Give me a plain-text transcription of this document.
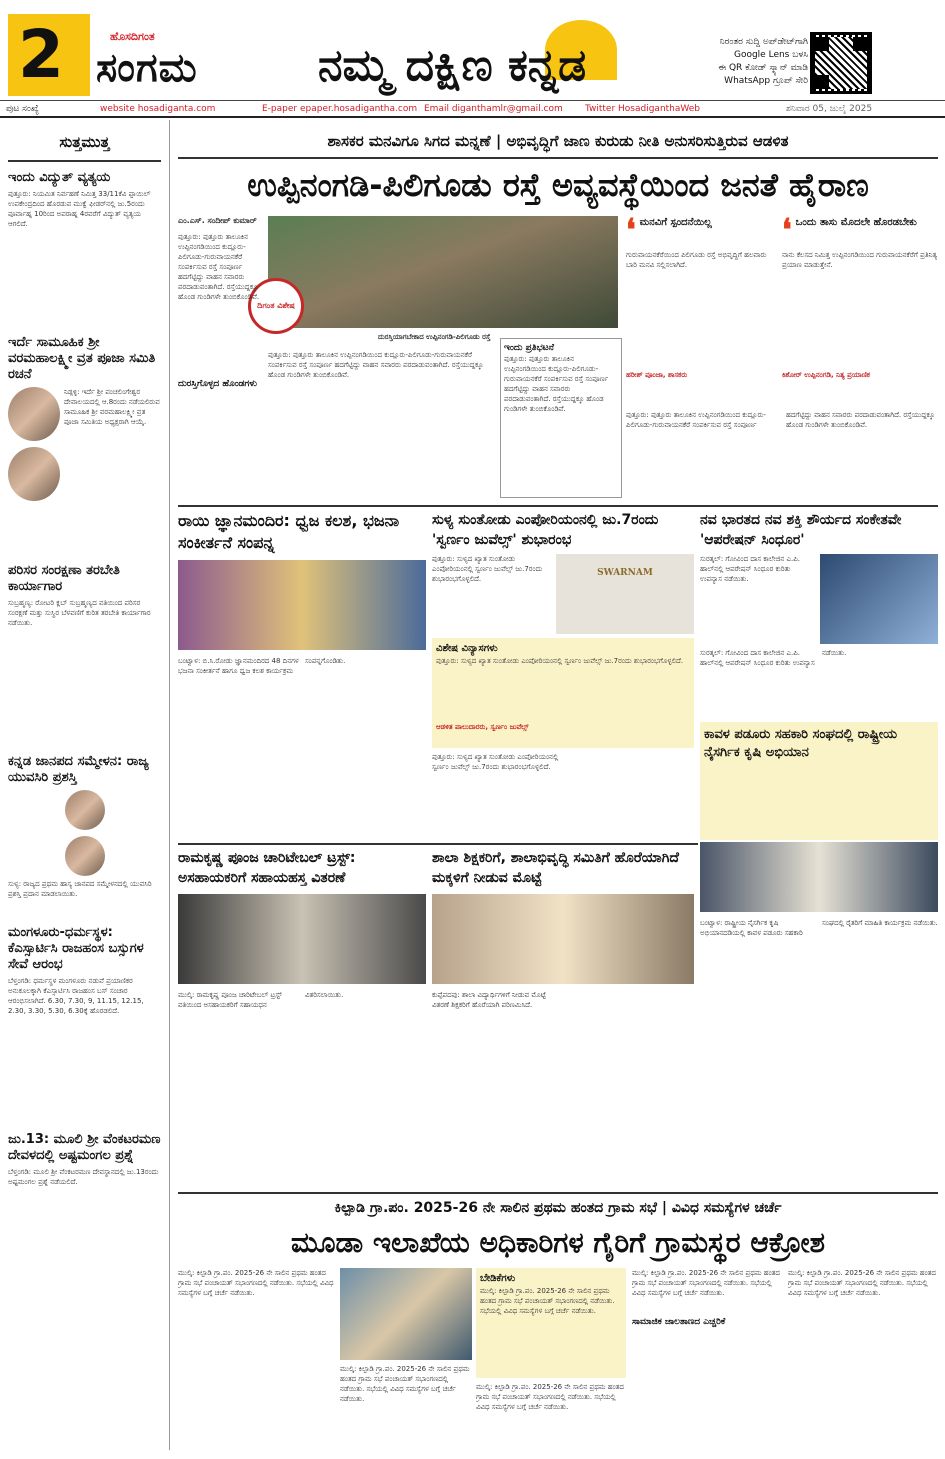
2	ಹೊಸದಿಗಂತ
ಸಂಗಮ	ನಮ್ಮ ದಕ್ಷಿಣ ಕನ್ನಡ	ನಿರಂತರ ಸುದ್ದಿ ಅಪ್‌ಡೇಟ್‌ಗಾಗಿ
Google Lens ಬಳಸಿ
ಈ QR ಕೋಡ್ ಸ್ಕ್ಯಾನ್ ಮಾಡಿ
WhatsApp ಗ್ರೂಪ್ ಸೇರಿ
ಪುಟ ಸಂಖ್ಯೆ	website hosadiganta.com	E-paper epaper.hosadigantha.com Email diganthamlr@gmail.com Twitter HosadiganthaWeb	ಶನಿವಾರ 05, ಜುಲೈ 2025
ಸುತ್ತಮುತ್ತ
ಇಂದು ವಿದ್ಯುತ್ ವ್ಯತ್ಯಯ
ಪುತ್ತೂರು: ನಿಯಮಿತ ನಿರ್ವಹಣೆ ನಿಮಿತ್ತ 33/11ಕೆವಿ ಪ್ಪಾಯಿಲ್ ಉಪಕೇಂದ್ರದಿಂದ ಹೊರಡುವ ಮುಕ್ವೆ ಫೀಡರ್‌ನಲ್ಲಿ ಜು.5ರಂದು ಪೂರ್ವಾಹ್ನ 10ರಿಂದ ಅಪರಾಹ್ನ 4ರವರೆಗೆ ವಿದ್ಯುತ್ ವ್ಯತ್ಯಯ ಆಗಲಿದೆ.
ಇರ್ದೆ ಸಾಮೂಹಿಕ ಶ್ರೀ ವರಮಹಾಲಕ್ಷ್ಮೀ ವ್ರತ ಪೂಜಾ ಸಮಿತಿ ರಚನೆ
ನಿಡ್ಪಳ್ಳಿ: ಇರ್ದೆ ಶ್ರೀ ಪಂಚಲಿಂಗೇಶ್ವರ ದೇವಾಲಯದಲ್ಲಿ ಆ.8ರಂದು ನಡೆಯಲಿರುವ ಸಾಮೂಹಿಕ ಶ್ರೀ ವರಮಹಾಲಕ್ಷ್ಮೀ ವ್ರತ ಪೂಜಾ ಸಮಿತಿಯ ಅಧ್ಯಕ್ಷರಾಗಿ ಆಯ್ಕೆ.
ಪರಿಸರ ಸಂರಕ್ಷಣಾ ತರಬೇತಿ ಕಾರ್ಯಾಗಾರ
ಸುಬ್ರಹ್ಮಣ್ಯ: ರೋಟರಿ ಕ್ಲಬ್ ಸುಬ್ರಹ್ಮಣ್ಯದ ವತಿಯಿಂದ ಪರಿಸರ ಸಂರಕ್ಷಣೆ ಮತ್ತು ಸುಸ್ಥಿರ ಬೆಳವಣಿಗೆ ಕುರಿತ ತರಬೇತಿ ಕಾರ್ಯಾಗಾರ ನಡೆಯಿತು.
ಕನ್ನಡ ಜಾನಪದ ಸಮ್ಮೇಳನ: ರಾಜ್ಯ ಯುವಸಿರಿ ಪ್ರಶಸ್ತಿ
ಸುಳ್ಯ: ರಾಜ್ಯದ ಪ್ರಥಮ ಹಾಸ್ಯ ಜಾನಪದ ಸಮ್ಮೇಳನದಲ್ಲಿ ಯುವಸಿರಿ ಪ್ರಶಸ್ತಿ ಪ್ರದಾನ ಮಾಡಲಾಯಿತು.
ಮಂಗಳೂರು-ಧರ್ಮಸ್ಥಳ: ಕೆಎಸ್ಸಾರ್ಟಿಸಿ ರಾಜಹಂಸ ಬಸ್ಸುಗಳ ಸೇವೆ ಆರಂಭ
ಬೆಳ್ತಂಗಡಿ: ಧರ್ಮಸ್ಥಳ ಮಂಗಳೂರು ನಡುವೆ ಪ್ರಯಾಣಿಕರ ಅನುಕೂಲಕ್ಕಾಗಿ ಕೆಎಸ್ಸಾರ್ಟಿಸಿ ರಾಜಹಂಸ ಬಸ್ ಸಂಚಾರ ಆರಂಭಿಸಲಾಗಿದೆ. 6.30, 7.30, 9, 11.15, 12.15, 2.30, 3.30, 5.30, 6.30ಕ್ಕೆ ಹೊರಡಲಿದೆ.
ಜು.13: ಮೂಲಿ ಶ್ರೀ ವೆಂಕಟರಮಣ ದೇವಳದಲ್ಲಿ ಅಷ್ಟಮಂಗಲ ಪ್ರಶ್ನೆ
ಬೆಳ್ತಂಗಡಿ: ಮೂಲಿ ಶ್ರೀ ವೆಂಕಟರಮಣ ದೇವಸ್ಥಾನದಲ್ಲಿ ಜು.13ರಂದು ಅಷ್ಟಮಂಗಲ ಪ್ರಶ್ನೆ ನಡೆಯಲಿದೆ.
ಶಾಸಕರ ಮನವಿಗೂ ಸಿಗದ ಮನ್ನಣೆ | ಅಭಿವೃದ್ಧಿಗೆ ಜಾಣ ಕುರುಡು ನೀತಿ ಅನುಸರಿಸುತ್ತಿರುವ ಆಡಳಿತ
ಉಪ್ಪಿನಂಗಡಿ-ಪಿಲಿಗೂಡು ರಸ್ತೆ ಅವ್ಯವಸ್ಥೆಯಿಂದ ಜನತೆ ಹೈರಾಣ
ಎಂ.ಎಸ್. ಸಂದೀಪ್ ಕುಮಾರ್
ದಿಗಂತ ವಿಶೇಷ
ದುರಸ್ತಿಯಾಗಬೇಕಾದ ಉಪ್ಪಿನಂಗಡಿ-ಪಿಲಿಗೂಡು ರಸ್ತೆ
ಪುತ್ತೂರು: ಪುತ್ತೂರು ತಾಲೂಕಿನ ಉಪ್ಪಿನಂಗಡಿಯಿಂದ ಕುದ್ಲೂರು-ಪಿಲಿಗೂಡು-ಗುರುವಾಯನಕೆರೆ ಸಂಪರ್ಕಿಸುವ ರಸ್ತೆ ಸಂಪೂರ್ಣ ಹದಗೆಟ್ಟಿದ್ದು ವಾಹನ ಸವಾರರು ಪರದಾಡುವಂತಾಗಿದೆ. ರಸ್ತೆಯುದ್ದಕ್ಕೂ ಹೊಂಡ ಗುಂಡಿಗಳೇ ತುಂಬಿಕೊಂಡಿವೆ.
ಪುತ್ತೂರು: ಪುತ್ತೂರು ತಾಲೂಕಿನ ಉಪ್ಪಿನಂಗಡಿಯಿಂದ ಕುದ್ಲೂರು-ಪಿಲಿಗೂಡು-ಗುರುವಾಯನಕೆರೆ ಸಂಪರ್ಕಿಸುವ ರಸ್ತೆ ಸಂಪೂರ್ಣ ಹದಗೆಟ್ಟಿದ್ದು ವಾಹನ ಸವಾರರು ಪರದಾಡುವಂತಾಗಿದೆ. ರಸ್ತೆಯುದ್ದಕ್ಕೂ ಹೊಂಡ ಗುಂಡಿಗಳೇ ತುಂಬಿಕೊಂಡಿವೆ.
ದುರಸ್ತಿಗೊಳ್ಳದ ಹೊಂಡಗಳು
ಇಂದು ಪ್ರತಿಭಟನೆ
ಪುತ್ತೂರು: ಪುತ್ತೂರು ತಾಲೂಕಿನ ಉಪ್ಪಿನಂಗಡಿಯಿಂದ ಕುದ್ಲೂರು-ಪಿಲಿಗೂಡು-ಗುರುವಾಯನಕೆರೆ ಸಂಪರ್ಕಿಸುವ ರಸ್ತೆ ಸಂಪೂರ್ಣ ಹದಗೆಟ್ಟಿದ್ದು ವಾಹನ ಸವಾರರು ಪರದಾಡುವಂತಾಗಿದೆ. ರಸ್ತೆಯುದ್ದಕ್ಕೂ ಹೊಂಡ ಗುಂಡಿಗಳೇ ತುಂಬಿಕೊಂಡಿವೆ.
❛ ಮನವಿಗೆ ಸ್ಪಂದನೆಯಿಲ್ಲ
ಗುರುವಾಯನಕೆರೆಯಿಂದ ಪಿಲಿಗೂಡು ರಸ್ತೆ ಅಭಿವೃದ್ಧಿಗೆ ಹಲವಾರು ಬಾರಿ ಮನವಿ ಸಲ್ಲಿಸಲಾಗಿದೆ.
ಹರೀಶ್ ಪೂಂಜಾ, ಶಾಸಕರು
❛ ಒಂದು ತಾಸು ಮೊದಲೇ ಹೊರಡಬೇಕು
ನಾನು ಕೆಲಸದ ನಿಮಿತ್ತ ಉಪ್ಪಿನಂಗಡಿಯಿಂದ ಗುರುವಾಯನಕೆರೆಗೆ ಪ್ರತಿನಿತ್ಯ ಪ್ರಯಾಣ ಮಾಡುತ್ತೇನೆ.
ಕಿಶೋರ್ ಉಪ್ಪಿನಂಗಡಿ, ನಿತ್ಯ ಪ್ರಯಾಣಿಕ
ಪುತ್ತೂರು: ಪುತ್ತೂರು ತಾಲೂಕಿನ ಉಪ್ಪಿನಂಗಡಿಯಿಂದ ಕುದ್ಲೂರು-ಪಿಲಿಗೂಡು-ಗುರುವಾಯನಕೆರೆ ಸಂಪರ್ಕಿಸುವ ರಸ್ತೆ ಸಂಪೂರ್ಣ ಹದಗೆಟ್ಟಿದ್ದು ವಾಹನ ಸವಾರರು ಪರದಾಡುವಂತಾಗಿದೆ. ರಸ್ತೆಯುದ್ದಕ್ಕೂ ಹೊಂಡ ಗುಂಡಿಗಳೇ ತುಂಬಿಕೊಂಡಿವೆ.
ರಾಯಿ ಜ್ಞಾನಮಂದಿರ: ಧ್ವಜ ಕಲಶ, ಭಜನಾ ಸಂಕೀರ್ತನೆ ಸಂಪನ್ನ
ಬಂಟ್ವಾಳ: ಬಿ.ಸಿ.ರೋಡು ಜ್ಞಾನಮಂದಿರದ 48 ದಿನಗಳ ಭಜನಾ ಸಂಕೀರ್ತನೆ ಹಾಗೂ ಧ್ವಜ ಕಲಶ ಕಾರ್ಯಕ್ರಮ ಸಂಪನ್ನಗೊಂಡಿತು.
ಸುಳ್ಯ ಸುಂತೋಡು ಎಂಪೋರಿಯಂನಲ್ಲಿ ಜು.7ರಂದು 'ಸ್ವರ್ಣಂ ಜುವೆಲ್ಸ್' ಶುಭಾರಂಭ
ಪುತ್ತೂರು: ಸುಳ್ಯದ ಖ್ಯಾತ ಸುಂತೋಡು ಎಂಪೋರಿಯಂನಲ್ಲಿ ಸ್ವರ್ಣಂ ಜುವೆಲ್ಸ್ ಜು.7ರಂದು ಶುಭಾರಂಭಗೊಳ್ಳಲಿದೆ.
SWARNAM
ವಿಶೇಷ ವಿನ್ಯಾಸಗಳು
ಪುತ್ತೂರು: ಸುಳ್ಯದ ಖ್ಯಾತ ಸುಂತೋಡು ಎಂಪೋರಿಯಂನಲ್ಲಿ ಸ್ವರ್ಣಂ ಜುವೆಲ್ಸ್ ಜು.7ರಂದು ಶುಭಾರಂಭಗೊಳ್ಳಲಿದೆ.
ಆಡಳಿತ ಪಾಲುದಾರರು, ಸ್ವರ್ಣಂ ಜುವೆಲ್ಸ್
ಪುತ್ತೂರು: ಸುಳ್ಯದ ಖ್ಯಾತ ಸುಂತೋಡು ಎಂಪೋರಿಯಂನಲ್ಲಿ ಸ್ವರ್ಣಂ ಜುವೆಲ್ಸ್ ಜು.7ರಂದು ಶುಭಾರಂಭಗೊಳ್ಳಲಿದೆ.
ನವ ಭಾರತದ ನವ ಶಕ್ತಿ ಶೌರ್ಯದ ಸಂಕೇತವೇ 'ಆಪರೇಷನ್ ಸಿಂಧೂರ'
ಸುರತ್ಕಲ್: ಗೋವಿಂದ ದಾಸ ಕಾಲೇಜಿನ ಎ.ಪಿ. ಹಾಲ್‌ನಲ್ಲಿ ಆಪರೇಷನ್ ಸಿಂಧೂರ ಕುರಿತು ಉಪನ್ಯಾಸ ನಡೆಯಿತು.
ಸುರತ್ಕಲ್: ಗೋವಿಂದ ದಾಸ ಕಾಲೇಜಿನ ಎ.ಪಿ. ಹಾಲ್‌ನಲ್ಲಿ ಆಪರೇಷನ್ ಸಿಂಧೂರ ಕುರಿತು ಉಪನ್ಯಾಸ ನಡೆಯಿತು.
ಕಾವಳ ಪಡೂರು ಸಹಕಾರಿ ಸಂಘದಲ್ಲಿ ರಾಷ್ಟ್ರೀಯ ನೈಸರ್ಗಿಕ ಕೃಷಿ ಅಭಿಯಾನ
ರಾಮಕೃಷ್ಣ ಪೂಂಜ ಚಾರಿಟೇಬಲ್ ಟ್ರಸ್ಟ್: ಅಸಹಾಯಕರಿಗೆ ಸಹಾಯಹಸ್ತ ವಿತರಣೆ
ಮುಲ್ಕಿ: ರಾಮಕೃಷ್ಣ ಪೂಂಜ ಚಾರಿಟೇಬಲ್ ಟ್ರಸ್ಟ್ ವತಿಯಿಂದ ಅಸಹಾಯಕರಿಗೆ ಸಹಾಯಧನ ವಿತರಿಸಲಾಯಿತು.
ಶಾಲಾ ಶಿಕ್ಷಕರಿಗೆ, ಶಾಲಾಭಿವೃದ್ಧಿ ಸಮಿತಿಗೆ ಹೊರೆಯಾಗಿದೆ ಮಕ್ಕಳಿಗೆ ನೀಡುವ ಮೊಟ್ಟೆ
ಕುಪ್ಪೆಪದವು: ಶಾಲಾ ವಿದ್ಯಾರ್ಥಿಗಳಿಗೆ ನೀಡುವ ಮೊಟ್ಟೆ ವಿತರಣೆ ಶಿಕ್ಷಕರಿಗೆ ಹೊರೆಯಾಗಿ ಪರಿಣಮಿಸಿದೆ.
ಬಂಟ್ವಾಳ: ರಾಷ್ಟ್ರೀಯ ನೈಸರ್ಗಿಕ ಕೃಷಿ ಅಭಿಯಾನದಡಿಯಲ್ಲಿ ಕಾವಳ ಪಡೂರು ಸಹಕಾರಿ ಸಂಘದಲ್ಲಿ ರೈತರಿಗೆ ಮಾಹಿತಿ ಕಾರ್ಯಕ್ರಮ ನಡೆಯಿತು.
ಕಿಲ್ಪಾಡಿ ಗ್ರಾ.ಪಂ. 2025-26 ನೇ ಸಾಲಿನ ಪ್ರಥಮ ಹಂತದ ಗ್ರಾಮ ಸಭೆ | ವಿವಿಧ ಸಮಸ್ಯೆಗಳ ಚರ್ಚೆ
ಮೂಡಾ ಇಲಾಖೆಯ ಅಧಿಕಾರಿಗಳ ಗೈರಿಗೆ ಗ್ರಾಮಸ್ಥರ ಆಕ್ರೋಶ
ಮುಲ್ಕಿ: ಕಿಲ್ಪಾಡಿ ಗ್ರಾ.ಪಂ. 2025-26 ನೇ ಸಾಲಿನ ಪ್ರಥಮ ಹಂತದ ಗ್ರಾಮ ಸಭೆ ಪಂಚಾಯತ್ ಸಭಾಂಗಣದಲ್ಲಿ ನಡೆಯಿತು. ಸಭೆಯಲ್ಲಿ ವಿವಿಧ ಸಮಸ್ಯೆಗಳ ಬಗ್ಗೆ ಚರ್ಚೆ ನಡೆಯಿತು.
ಮುಲ್ಕಿ: ಕಿಲ್ಪಾಡಿ ಗ್ರಾ.ಪಂ. 2025-26 ನೇ ಸಾಲಿನ ಪ್ರಥಮ ಹಂತದ ಗ್ರಾಮ ಸಭೆ ಪಂಚಾಯತ್ ಸಭಾಂಗಣದಲ್ಲಿ ನಡೆಯಿತು. ಸಭೆಯಲ್ಲಿ ವಿವಿಧ ಸಮಸ್ಯೆಗಳ ಬಗ್ಗೆ ಚರ್ಚೆ ನಡೆಯಿತು.
ಬೇಡಿಕೆಗಳು
ಮುಲ್ಕಿ: ಕಿಲ್ಪಾಡಿ ಗ್ರಾ.ಪಂ. 2025-26 ನೇ ಸಾಲಿನ ಪ್ರಥಮ ಹಂತದ ಗ್ರಾಮ ಸಭೆ ಪಂಚಾಯತ್ ಸಭಾಂಗಣದಲ್ಲಿ ನಡೆಯಿತು. ಸಭೆಯಲ್ಲಿ ವಿವಿಧ ಸಮಸ್ಯೆಗಳ ಬಗ್ಗೆ ಚರ್ಚೆ ನಡೆಯಿತು.
ಮುಲ್ಕಿ: ಕಿಲ್ಪಾಡಿ ಗ್ರಾ.ಪಂ. 2025-26 ನೇ ಸಾಲಿನ ಪ್ರಥಮ ಹಂತದ ಗ್ರಾಮ ಸಭೆ ಪಂಚಾಯತ್ ಸಭಾಂಗಣದಲ್ಲಿ ನಡೆಯಿತು. ಸಭೆಯಲ್ಲಿ ವಿವಿಧ ಸಮಸ್ಯೆಗಳ ಬಗ್ಗೆ ಚರ್ಚೆ ನಡೆಯಿತು.
ಮುಲ್ಕಿ: ಕಿಲ್ಪಾಡಿ ಗ್ರಾ.ಪಂ. 2025-26 ನೇ ಸಾಲಿನ ಪ್ರಥಮ ಹಂತದ ಗ್ರಾಮ ಸಭೆ ಪಂಚಾಯತ್ ಸಭಾಂಗಣದಲ್ಲಿ ನಡೆಯಿತು. ಸಭೆಯಲ್ಲಿ ವಿವಿಧ ಸಮಸ್ಯೆಗಳ ಬಗ್ಗೆ ಚರ್ಚೆ ನಡೆಯಿತು.
ಸಾಮಾಜಿಕ ಜಾಲತಾಣದ ಎಚ್ಚರಿಕೆ
ಮುಲ್ಕಿ: ಕಿಲ್ಪಾಡಿ ಗ್ರಾ.ಪಂ. 2025-26 ನೇ ಸಾಲಿನ ಪ್ರಥಮ ಹಂತದ ಗ್ರಾಮ ಸಭೆ ಪಂಚಾಯತ್ ಸಭಾಂಗಣದಲ್ಲಿ ನಡೆಯಿತು. ಸಭೆಯಲ್ಲಿ ವಿವಿಧ ಸಮಸ್ಯೆಗಳ ಬಗ್ಗೆ ಚರ್ಚೆ ನಡೆಯಿತು.
